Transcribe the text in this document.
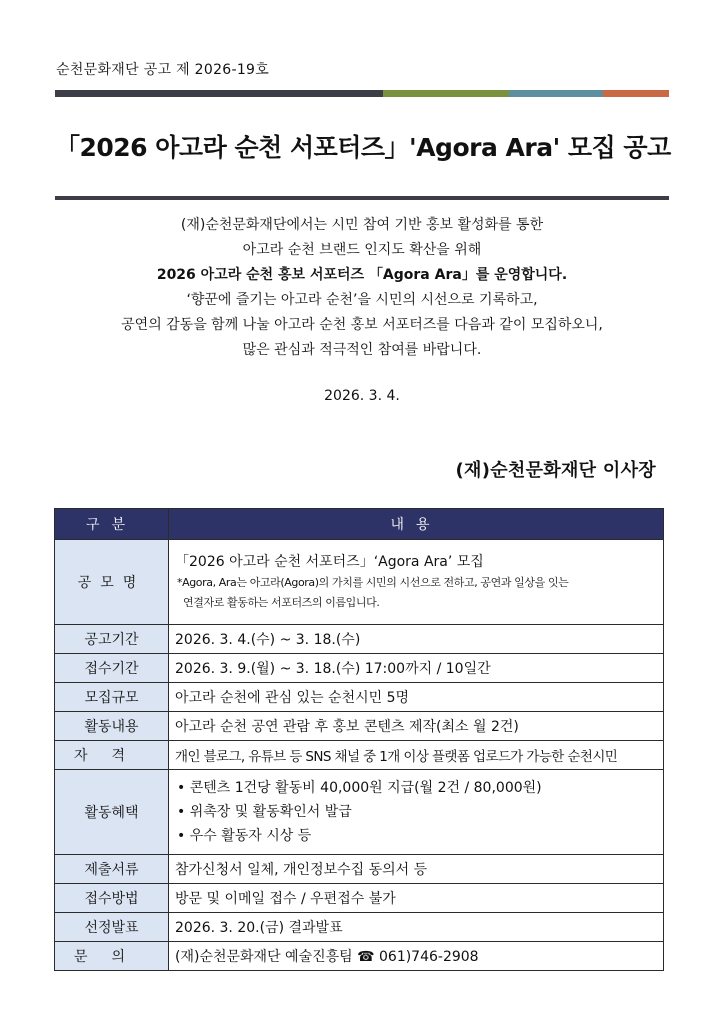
순천문화재단 공고 제 2026-19호
「2026 아고라 순천 서포터즈」'Agora Ara' 모집 공고
(재)순천문화재단에서는 시민 참여 기반 홍보 활성화를 통한
아고라 순천 브랜드 인지도 확산을 위해
2026 아고라 순천 홍보 서포터즈 「Agora Ara」를 운영합니다.
‘향꾼에 즐기는 아고라 순천’을 시민의 시선으로 기록하고,
공연의 감동을 함께 나눌 아고라 순천 홍보 서포터즈를 다음과 같이 모집하오니,
많은 관심과 적극적인 참여를 바랍니다.
2026. 3. 4.
(재)순천문화재단 이사장
구분	내용
공모명	「2026 아고라 순천 서포터즈」‘Agora Ara’ 모집
*Agora, Ara는 아고라(Agora)의 가치를 시민의 시선으로 전하고, 공연과 일상을 잇는
연결자로 활동하는 서포터즈의 이름입니다.

공고기간	2026. 3. 4.(수) ~ 3. 18.(수)
접수기간	2026. 3. 9.(월) ~ 3. 18.(수) 17:00까지 / 10일간
모집규모	아고라 순천에 관심 있는 순천시민 5명
활동내용	아고라 순천 공연 관람 후 홍보 콘텐츠 제작(최소 월 2건)
자격	개인 블로그, 유튜브 등 SNS 채널 중 1개 이상 플랫폼 업로드가 가능한 순천시민
활동혜택	• 콘텐츠 1건당 활동비 40,000원 지급(월 2건 / 80,000원)
• 위촉장 및 활동확인서 발급
• 우수 활동자 시상 등

제출서류	참가신청서 일체, 개인정보수집 동의서 등
접수방법	방문 및 이메일 접수 / 우편접수 불가
선정발표	2026. 3. 20.(금) 결과발표
문의	(재)순천문화재단 예술진흥팀 ☎ 061)746-2908
